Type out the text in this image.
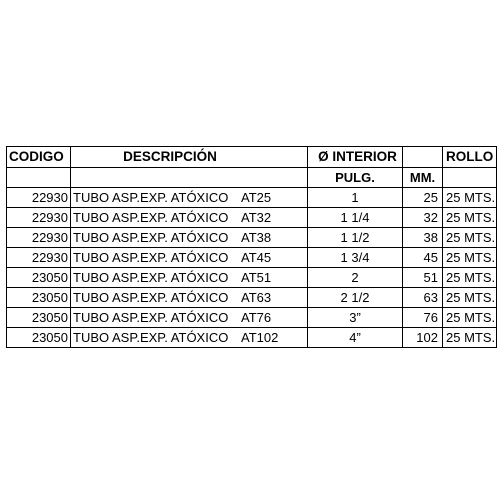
CODIGO	DESCRIPCIÓN	Ø INTERIOR		ROLLO
		PULG.	MM.	
22930	TUBO ASP.EXP. ATÓXICO AT25	1	25	25 MTS.
22930	TUBO ASP.EXP. ATÓXICO AT32	1 1/4	32	25 MTS.
22930	TUBO ASP.EXP. ATÓXICO AT38	1 1/2	38	25 MTS.
22930	TUBO ASP.EXP. ATÓXICO AT45	1 3/4	45	25 MTS.
23050	TUBO ASP.EXP. ATÓXICO AT51	2	51	25 MTS.
23050	TUBO ASP.EXP. ATÓXICO AT63	2 1/2	63	25 MTS.
23050	TUBO ASP.EXP. ATÓXICO AT76	3”	76	25 MTS.
23050	TUBO ASP.EXP. ATÓXICO AT102	4”	102	25 MTS.
